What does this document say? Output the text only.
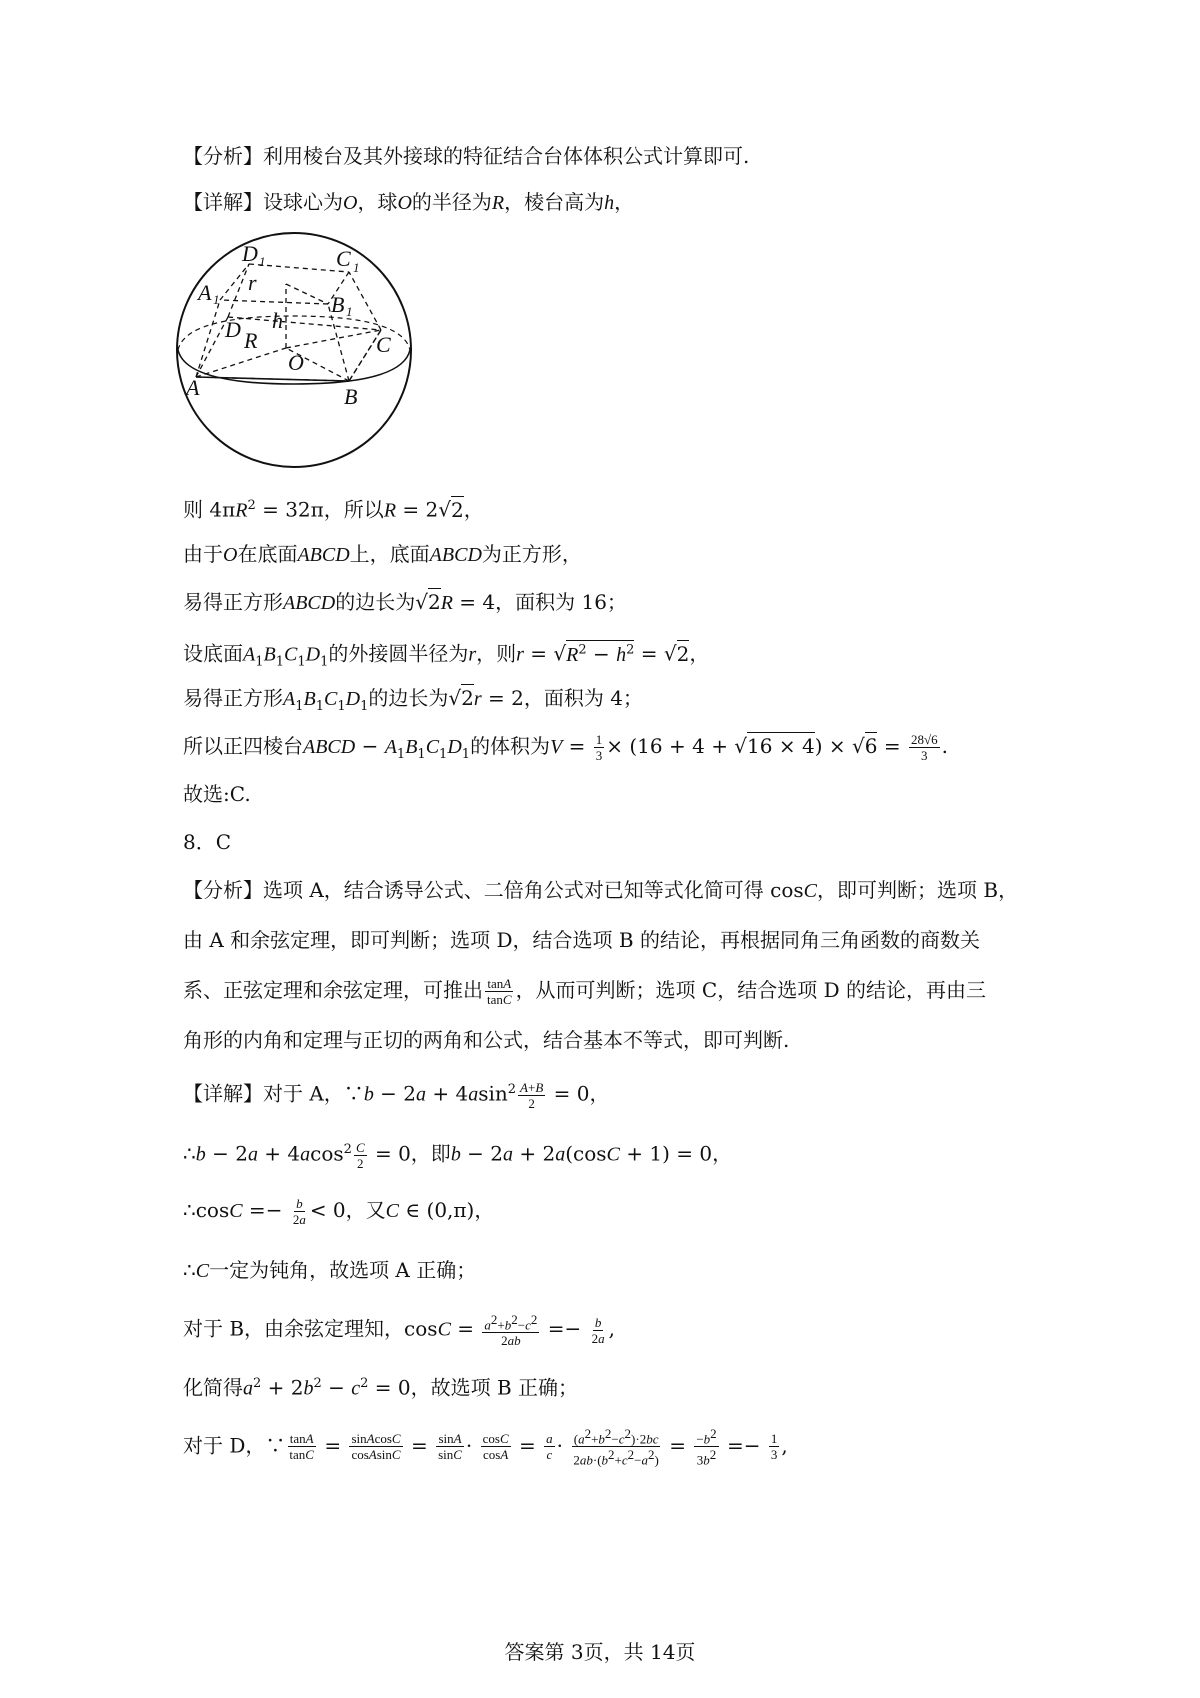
【分析】利用棱台及其外接球的特征结合台体体积公式计算即可.
【详解】设球心为O，球O的半径为R，棱台高为h，
D 1	C 1
A 1	B 1
D
r
h
R
O
C
A	B
则 $4\pi R^2 = 32\pi$，所以R = 2√2，
由于O在底面ABCD上，底面ABCD为正方形，
易得正方形ABCD的边长为√2R = 4，面积为 16；
设底面$A_1B_1C_1D_1$的外接圆半径为r，则$r = √R^2 - h^2 = √2$，
易得正方形$A_1B_1C_1D_1$的边长为√2r = 2，面积为 4；
所以正四棱台ABCD − $A_1B_1C_1D_1$的体积为$V = \frac{1}{3} \times (16 + 4 + √16 \times 4) \times √6 = \frac{28√6}{3}$ .
故选:C.
8．C
【分析】选项 A，结合诱导公式、二倍角公式对已知等式化简可得 cosC，即可判断；选项 B，
由 A 和余弦定理，即可判断；选项 D，结合选项 B 的结论，再根据同角三角函数的商数关
系、正弦定理和余弦定理，可推出 $\frac{\tan A}{\tan C}$ ，从而可判断；选项 C，结合选项 D 的结论，再由三
角形的内角和定理与正切的两角和公式，结合基本不等式，即可判断.
【详解】对于 A，∵b − $2a + 4asin^2 \frac{A+B}{2} = 0$，
∴b − $2a + 4acos^2 \frac{C}{2} = 0$，即b − 2a + 2a(cosC + 1) = 0，
∴cosC =− $\frac{b}{2a} < 0$，又C ∈ (0,π)，
∴C一定为钝角，故选项 A 正确；
对于 B，由余弦定理知，$\cos C = \frac{a^2+b^2-c^2}{2ab} =- \frac{b}{2a}$ ,
化简得$a^2 + 2b^2 - c^2 = 0$，故选项 B 正确；
对于 D，∵ $\frac{\tan A}{\tan C} = \frac{\text{sinAcosC}}{\text{cosAsinC}} = \frac{\sin A}{\sin C} \cdot \frac{\cos C}{\cos A} = \frac{a}{c} \cdot \frac{(a^2+b^2-c^2)\cdot 2bc}{2ab\cdot(b^2+c^2-a^2)} = \frac{-b^2}{3b^2} =- \frac{1}{3}$ ,
答案第 3页，共 14页
